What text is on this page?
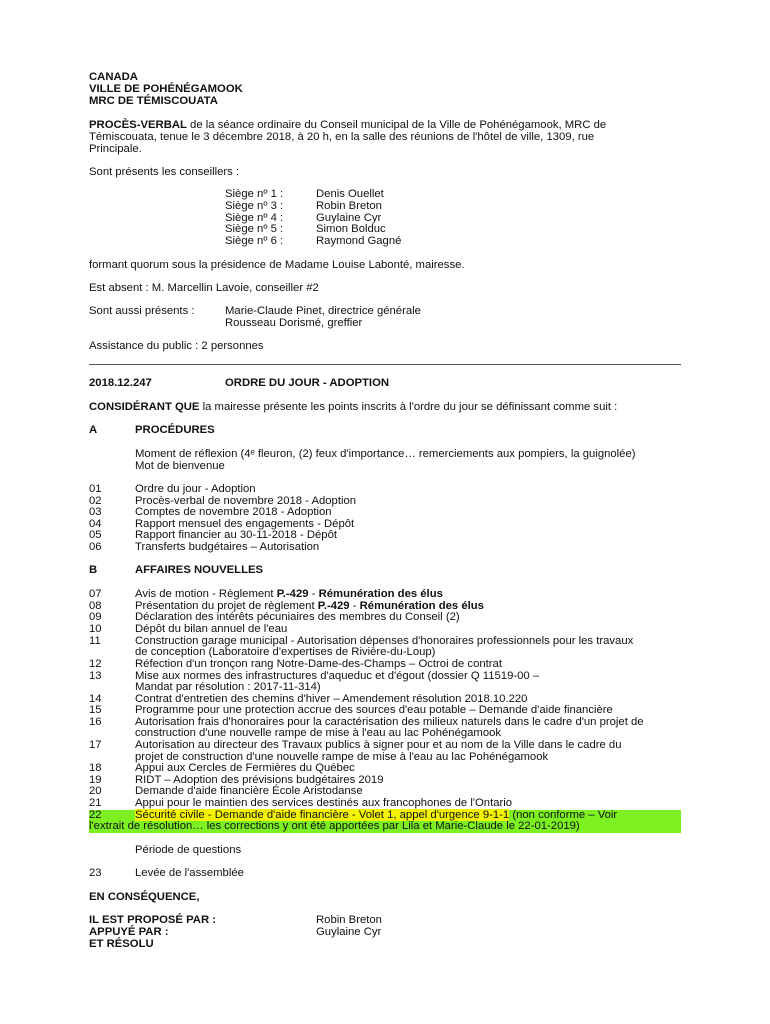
CANADA
VILLE DE POHÉNÉGAMOOK
MRC DE TÉMISCOUATA
PROCÈS-VERBAL de la séance ordinaire du Conseil municipal de la Ville de Pohénégamook, MRC de
Témiscouata, tenue le 3 décembre 2018, à 20 h, en la salle des réunions de l'hôtel de ville, 1309, rue
Principale.
Sont présents les conseillers :
Siège nº 1 :	Denis Ouellet
Siège nº 3 :	Robin Breton
Siège nº 4 :	Guylaine Cyr
Siège nº 5 :	Simon Bolduc
Siège nº 6 :	Raymond Gagné
formant quorum sous la présidence de Madame Louise Labonté, mairesse.
Est absent : M. Marcellin Lavoie, conseiller #2
Sont aussi présents :	Marie-Claude Pinet, directrice générale
Rousseau Dorismé, greffier
Assistance du public : 2 personnes
2018.12.247	ORDRE DU JOUR - ADOPTION
CONSIDÉRANT QUE la mairesse présente les points inscrits à l'ordre du jour se définissant comme suit :
A	PROCÉDURES
Moment de réflexion (4ᵉ fleuron, (2) feux d'importance… remerciements aux pompiers, la guignolée)
Mot de bienvenue
01	Ordre du jour - Adoption
02	Procès-verbal de novembre 2018 - Adoption
03	Comptes de novembre 2018 - Adoption
04	Rapport mensuel des engagements - Dépôt
05	Rapport financier au 30-11-2018 - Dépôt
06	Transferts budgétaires – Autorisation
B	AFFAIRES NOUVELLES
07	Avis de motion - Règlement P.-429 - Rémunération des élus
08	Présentation du projet de règlement P.-429 - Rémunération des élus
09	Déclaration des intérêts pécuniaires des membres du Conseil (2)
10	Dépôt du bilan annuel de l'eau
11	Construction garage municipal - Autorisation dépenses d'honoraires professionnels pour les travaux
de conception (Laboratoire d'expertises de Rivière-du-Loup)
12	Réfection d'un tronçon rang Notre-Dame-des-Champs – Octroi de contrat
13	Mise aux normes des infrastructures d'aqueduc et d'égout (dossier Q 11519-00 –
Mandat par résolution : 2017-11-314)
14	Contrat d'entretien des chemins d'hiver – Amendement résolution 2018.10.220
15	Programme pour une protection accrue des sources d'eau potable – Demande d'aide financière
16	Autorisation frais d'honoraires pour la caractérisation des milieux naturels dans le cadre d'un projet de
construction d'une nouvelle rampe de mise à l'eau au lac Pohénégamook
17	Autorisation au directeur des Travaux publics à signer pour et au nom de la Ville dans le cadre du
projet de construction d'une nouvelle rampe de mise à l'eau au lac Pohénégamook
18	Appui aux Cercles de Fermières du Québec
19	RIDT – Adoption des prévisions budgétaires 2019
20	Demande d'aide financière École Aristodanse
21	Appui pour le maintien des services destinés aux francophones de l'Ontario
22	Sécurité civile - Demande d'aide financière - Volet 1, appel d'urgence 9-1-1 (non conforme – Voir
l'extrait de résolution… les corrections y ont été apportées par Lila et Marie-Claude le 22-01-2019)
Période de questions
23	Levée de l'assemblée
EN CONSÉQUENCE,
IL EST PROPOSÉ PAR :	Robin Breton
APPUYÉ PAR :	Guylaine Cyr
ET RÉSOLU
